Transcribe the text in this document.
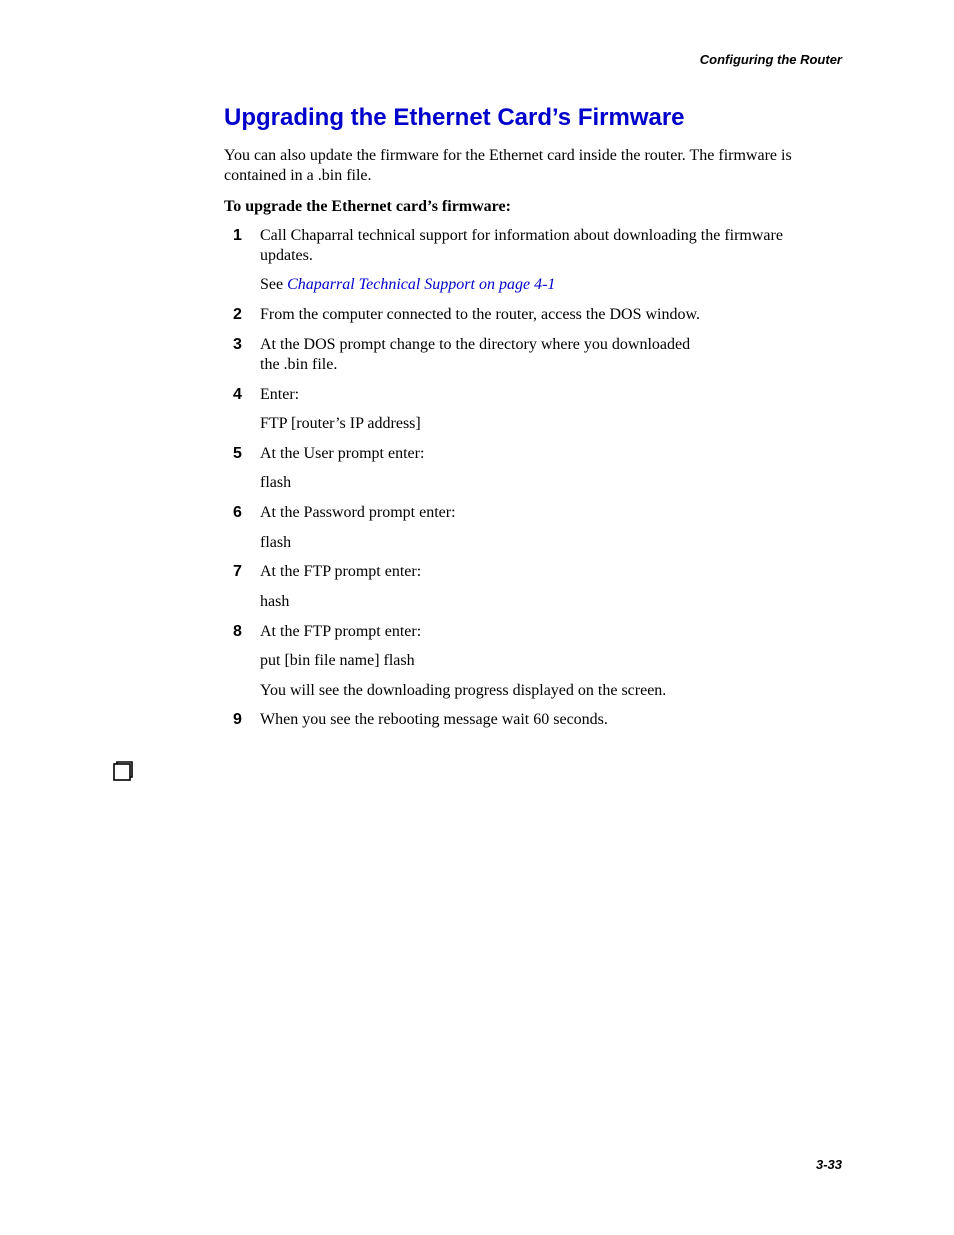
Configuring the Router
Upgrading the Ethernet Card’s Firmware

You can also update the firmware for the Ethernet card inside the router. The firmware is contained in a .bin file.

To upgrade the Ethernet card’s firmware:

1 Call Chaparral technical support for information about downloading the firmware

updates.

See Chaparral Technical Support on page 4-1

2 From the computer connected to the router, access the DOS window.

3 At the DOS prompt change to the directory where you downloaded

the .bin file.

4 Enter:

FTP [router’s IP address]

5 At the User prompt enter:

flash

6 At the Password prompt enter:

flash

7 At the FTP prompt enter:

hash

8 At the FTP prompt enter:

put [bin file name] flash

You will see the downloading progress displayed on the screen.

9 When you see the rebooting message wait 60 seconds.

3-33
